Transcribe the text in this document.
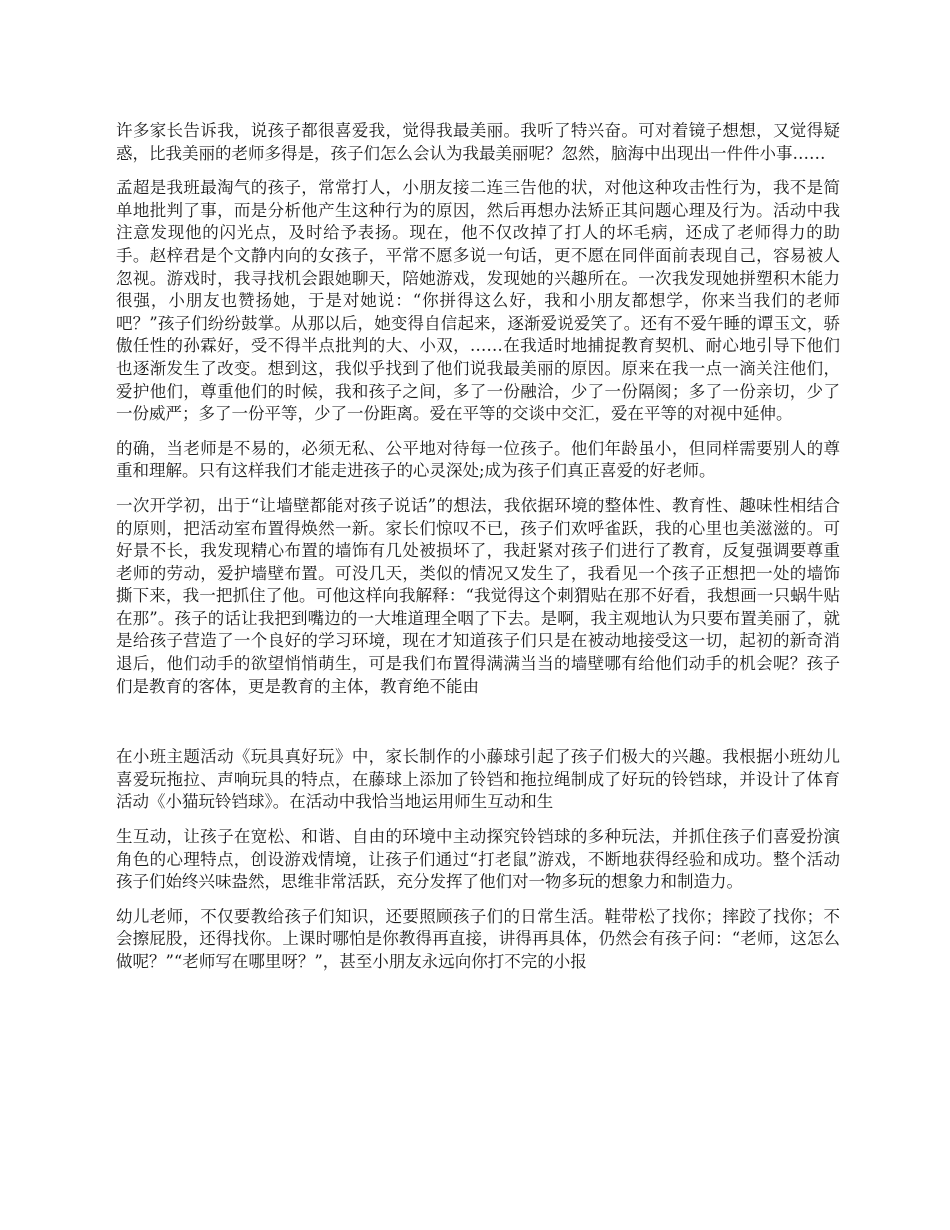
许多家长告诉我，说孩子都很喜爱我，觉得我最美丽。我听了特兴奋。可对着镜子想想，又觉得疑惑，比我美丽的老师多得是，孩子们怎么会认为我最美丽呢？忽然，脑海中出现出一件件小事……

孟超是我班最淘气的孩子，常常打人，小朋友接二连三告他的状，对他这种攻击性行为，我不是简单地批判了事，而是分析他产生这种行为的原因，然后再想办法矫正其问题心理及行为。活动中我注意发现他的闪光点，及时给予表扬。现在，他不仅改掉了打人的坏毛病，还成了老师得力的助手。赵梓君是个文静内向的女孩子，平常不愿多说一句话，更不愿在同伴面前表现自己，容易被人忽视。游戏时，我寻找机会跟她聊天，陪她游戏，发现她的兴趣所在。一次我发现她拼塑积木能力很强，小朋友也赞扬她，于是对她说：“你拼得这么好，我和小朋友都想学，你来当我们的老师吧？”孩子们纷纷鼓掌。从那以后，她变得自信起来，逐渐爱说爱笑了。还有不爱午睡的谭玉文，骄傲任性的孙霖好，受不得半点批判的大、小双，……在我适时地捕捉教育契机、耐心地引导下他们也逐渐发生了改变。想到这，我似乎找到了他们说我最美丽的原因。原来在我一点一滴关注他们，爱护他们，尊重他们的时候，我和孩子之间，多了一份融洽，少了一份隔阂；多了一份亲切，少了一份威严；多了一份平等，少了一份距离。爱在平等的交谈中交汇，爱在平等的对视中延伸。

的确，当老师是不易的，必须无私、公平地对待每一位孩子。他们年龄虽小，但同样需要别人的尊重和理解。只有这样我们才能走进孩子的心灵深处;成为孩子们真正喜爱的好老师。

一次开学初，出于“让墙壁都能对孩子说话”的想法，我依据环境的整体性、教育性、趣味性相结合的原则，把活动室布置得焕然一新。家长们惊叹不已，孩子们欢呼雀跃，我的心里也美滋滋的。可好景不长，我发现精心布置的墙饰有几处被损坏了，我赶紧对孩子们进行了教育，反复强调要尊重老师的劳动，爱护墙壁布置。可没几天，类似的情况又发生了，我看见一个孩子正想把一处的墙饰撕下来，我一把抓住了他。可他这样向我解释：“我觉得这个刺猬贴在那不好看，我想画一只蜗牛贴在那”。孩子的话让我把到嘴边的一大堆道理全咽了下去。是啊，我主观地认为只要布置美丽了，就是给孩子营造了一个良好的学习环境，现在才知道孩子们只是在被动地接受这一切，起初的新奇消退后，他们动手的欲望悄悄萌生，可是我们布置得满满当当的墙壁哪有给他们动手的机会呢？孩子们是教育的客体，更是教育的主体，教育绝不能由

在小班主题活动《玩具真好玩》中，家长制作的小藤球引起了孩子们极大的兴趣。我根据小班幼儿喜爱玩拖拉、声响玩具的特点，在藤球上添加了铃铛和拖拉绳制成了好玩的铃铛球，并设计了体育活动《小猫玩铃铛球》。在活动中我恰当地运用师生互动和生

生互动，让孩子在宽松、和谐、自由的环境中主动探究铃铛球的多种玩法，并抓住孩子们喜爱扮演角色的心理特点，创设游戏情境，让孩子们通过“打老鼠”游戏，不断地获得经验和成功。整个活动孩子们始终兴味盎然，思维非常活跃，充分发挥了他们对一物多玩的想象力和制造力。

幼儿老师，不仅要教给孩子们知识，还要照顾孩子们的日常生活。鞋带松了找你；摔跤了找你；不会擦屁股，还得找你。上课时哪怕是你教得再直接，讲得再具体，仍然会有孩子问：“老师，这怎么做呢？”“老师写在哪里呀？”，甚至小朋友永远向你打不完的小报
